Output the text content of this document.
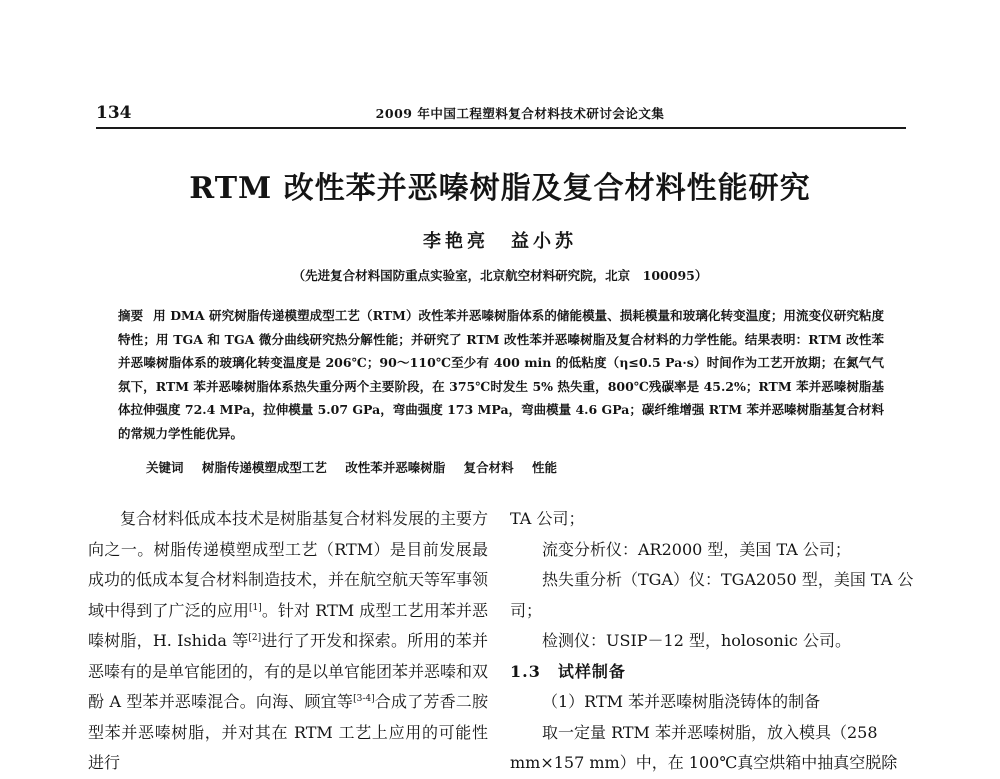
134	2009 年中国工程塑料复合材料技术研讨会论文集
RTM 改性苯并恶嗪树脂及复合材料性能研究
李艳亮　益小苏
（先进复合材料国防重点实验室，北京航空材料研究院，北京　100095）
摘要 用 DMA 研究树脂传递模塑成型工艺（RTM）改性苯并恶嗪树脂体系的储能模量、损耗模量和玻璃化转变温度；用流变仪研究粘度特性；用 TGA 和 TGA 微分曲线研究热分解性能；并研究了 RTM 改性苯并恶嗪树脂及复合材料的力学性能。结果表明：RTM 改性苯并恶嗪树脂体系的玻璃化转变温度是 206℃；90～110℃至少有 400 min 的低粘度（η≤0.5 Pa·s）时间作为工艺开放期；在氮气气氛下，RTM 苯并恶嗪树脂体系热失重分两个主要阶段，在 375℃时发生 5% 热失重，800℃残碳率是 45.2%；RTM 苯并恶嗪树脂基体拉伸强度 72.4 MPa，拉伸模量 5.07 GPa，弯曲强度 173 MPa，弯曲模量 4.6 GPa；碳纤维增强 RTM 苯并恶嗪树脂基复合材料的常规力学性能优异。
关键词 树脂传递模塑成型工艺 改性苯并恶嗪树脂 复合材料 性能

复合材料低成本技术是树脂基复合材料发展的主要方向之一。树脂传递模塑成型工艺（RTM）是目前发展最成功的低成本复合材料制造技术，并在航空航天等军事领域中得到了广泛的应用[1]。针对 RTM 成型工艺用苯并恶嗪树脂，H. Ishida 等[2]进行了开发和探索。所用的苯并恶嗪有的是单官能团的，有的是以单官能团苯并恶嗪和双酚 A 型苯并恶嗪混合。向海、顾宜等[3-4]合成了芳香二胺型苯并恶嗪树脂，并对其在 RTM 工艺上应用的可能性进行

TA 公司；

流变分析仪：AR2000 型，美国 TA 公司；

热失重分析（TGA）仪：TGA2050 型，美国 TA 公

司；

检测仪：USIP－12 型，holosonic 公司。

1.3　试样制备

（1）RTM 苯并恶嗪树脂浇铸体的制备

取一定量 RTM 苯并恶嗪树脂，放入模具（258

mm×157 mm）中，在 100℃真空烘箱中抽真空脱除
